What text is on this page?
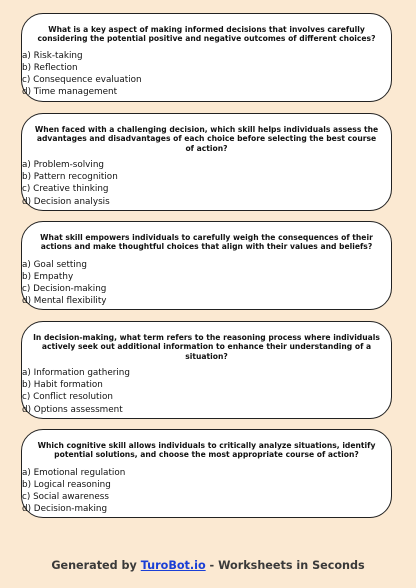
What is a key aspect of making informed decisions that involves carefully considering the potential positive and negative outcomes of different choices?

a) Risk-taking
b) Reflection
c) Consequence evaluation
d) Time management

When faced with a challenging decision, which skill helps individuals assess the advantages and disadvantages of each choice before selecting the best course of action?

a) Problem-solving
b) Pattern recognition
c) Creative thinking
d) Decision analysis

What skill empowers individuals to carefully weigh the consequences of their actions and make thoughtful choices that align with their values and beliefs?

a) Goal setting
b) Empathy
c) Decision-making
d) Mental flexibility

In decision-making, what term refers to the reasoning process where individuals actively seek out additional information to enhance their understanding of a situation?

a) Information gathering
b) Habit formation
c) Conflict resolution
d) Options assessment

Which cognitive skill allows individuals to critically analyze situations, identify potential solutions, and choose the most appropriate course of action?

a) Emotional regulation
b) Logical reasoning
c) Social awareness
d) Decision-making
Generated by TuroBot.io - Worksheets in Seconds
